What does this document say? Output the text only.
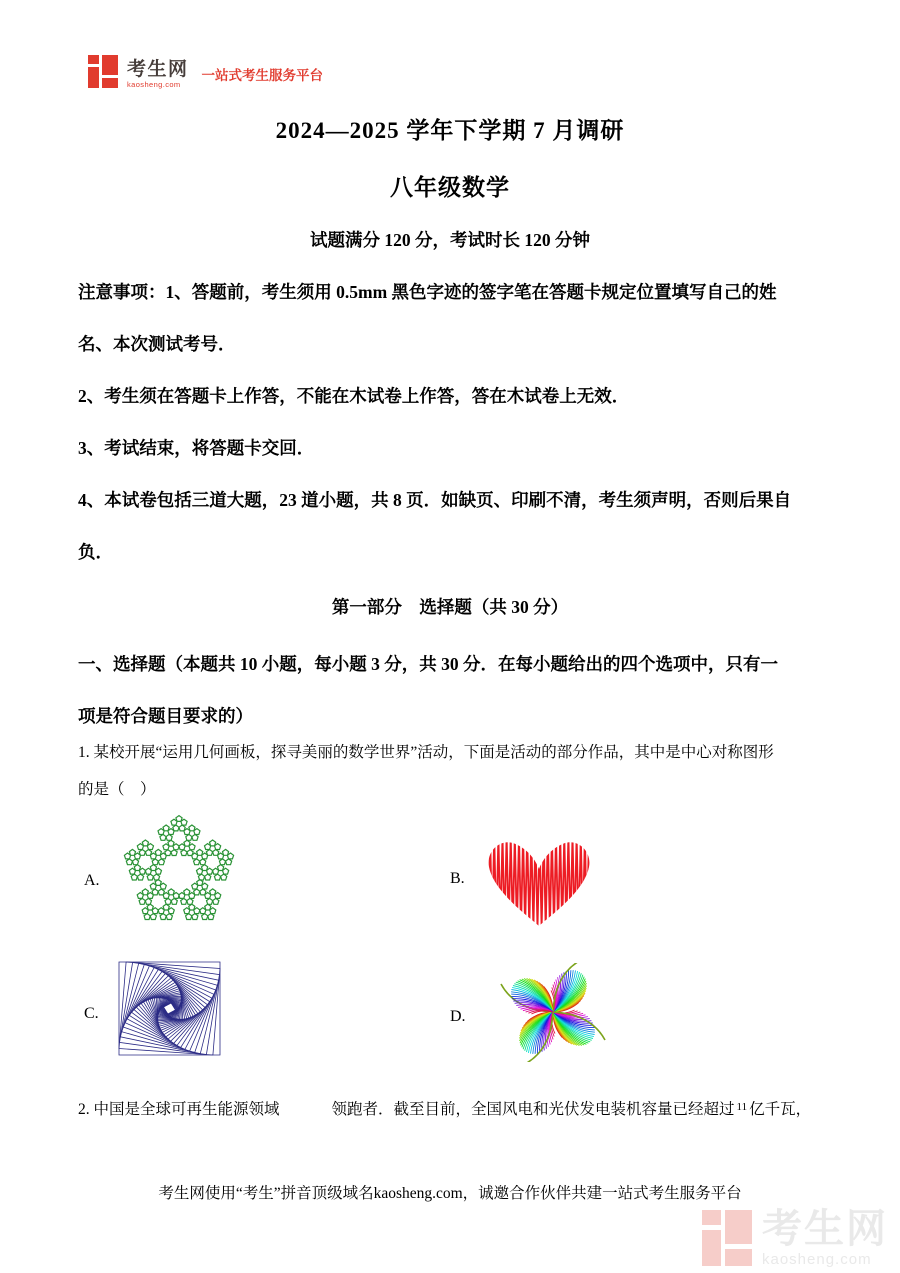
考生网
kaosheng.com
一站式考生服务平台
2024—2025 学年下学期 7 月调研
八年级数学
试题满分 120 分，考试时长 120 分钟
注意事项：1、答题前，考生须用 0.5mm 黑色字迹的签字笔在答题卡规定位置填写自己的姓
名、本次测试考号．
2、考生须在答题卡上作答，不能在木试卷上作答，答在木试卷上无效．
3、考试结束，将答题卡交回．
4、本试卷包括三道大题，23 道小题，共 8 页．如缺页、印刷不清，考生须声明，否则后果自
负．
第一部分　选择题（共 30 分）
一、选择题（本题共 10 小题，每小题 3 分，共 30 分．在每小题给出的四个选项中，只有一
项是符合题目要求的）
1. 某校开展“运用几何画板，探寻美丽的数学世界”活动，下面是活动的部分作品，其中是中心对称图形
的是（　）
A.	B.
C.	D.
2. 中国是全球可再生能源领域	领跑者．截至目前，全国风电和光伏发电装机容量已经超过 $^{11}$ 亿千瓦，
考生网使用“考生”拼音顶级域名kaosheng.com，诚邀合作伙伴共建一站式考生服务平台
考生网
kaosheng.com
